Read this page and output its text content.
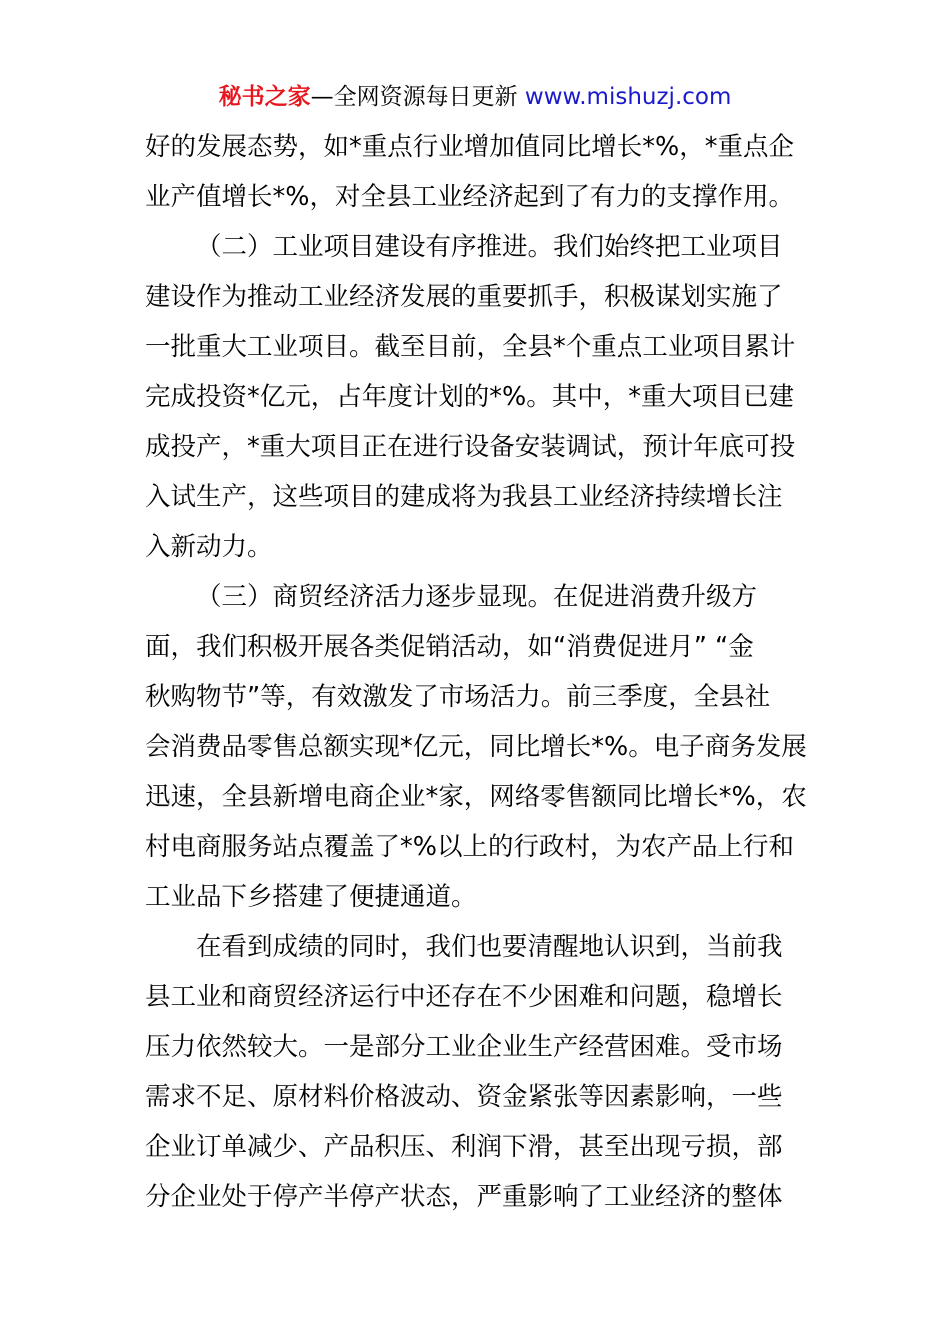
秘书之家—全网资源每日更新 www.mishuzj.com
好的发展态势，如*重点行业增加值同比增长*%，*重点企
业产值增长*%，对全县工业经济起到了有力的支撑作用。
（二）工业项目建设有序推进。我们始终把工业项目
建设作为推动工业经济发展的重要抓手，积极谋划实施了
一批重大工业项目。截至目前，全县*个重点工业项目累计
完成投资*亿元，占年度计划的*%。其中，*重大项目已建
成投产，*重大项目正在进行设备安装调试，预计年底可投
入试生产，这些项目的建成将为我县工业经济持续增长注
入新动力。
（三）商贸经济活力逐步显现。在促进消费升级方
面，我们积极开展各类促销活动，如“消费促进月” “金
秋购物节”等，有效激发了市场活力。前三季度，全县社
会消费品零售总额实现*亿元，同比增长*%。电子商务发展
迅速，全县新增电商企业*家，网络零售额同比增长*%，农
村电商服务站点覆盖了*%以上的行政村，为农产品上行和
工业品下乡搭建了便捷通道。
在看到成绩的同时，我们也要清醒地认识到，当前我
县工业和商贸经济运行中还存在不少困难和问题，稳增长
压力依然较大。一是部分工业企业生产经营困难。受市场
需求不足、原材料价格波动、资金紧张等因素影响，一些
企业订单减少、产品积压、利润下滑，甚至出现亏损，部
分企业处于停产半停产状态，严重影响了工业经济的整体
